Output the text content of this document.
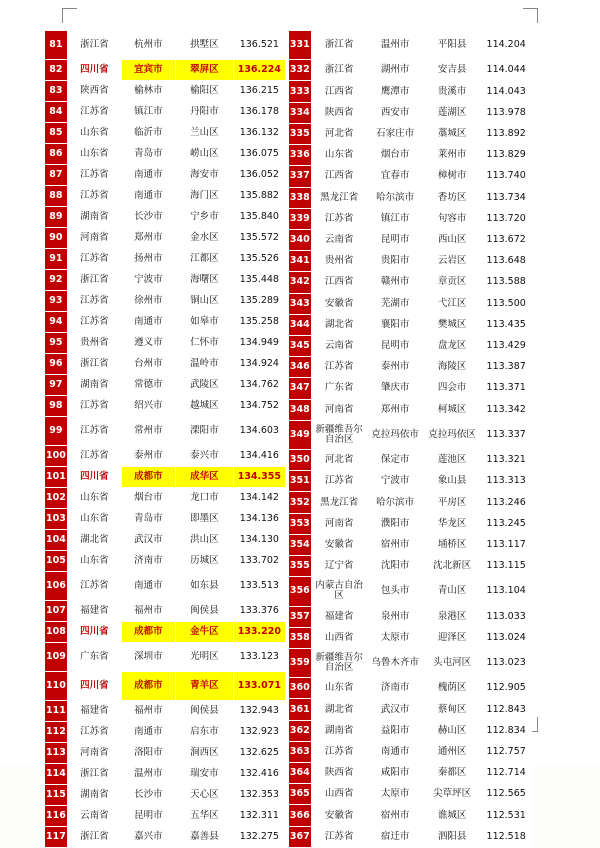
81	浙江省	杭州市	拱墅区	136.521
82	四川省	宜宾市	翠屏区	136.224
83	陕西省	榆林市	榆阳区	136.215
84	江苏省	镇江市	丹阳市	136.178
85	山东省	临沂市	兰山区	136.132
86	山东省	青岛市	崂山区	136.075
87	江苏省	南通市	海安市	136.052
88	江苏省	南通市	海门区	135.882
89	湖南省	长沙市	宁乡市	135.840
90	河南省	郑州市	金水区	135.572
91	江苏省	扬州市	江都区	135.526
92	浙江省	宁波市	海曙区	135.448
93	江苏省	徐州市	铜山区	135.289
94	江苏省	南通市	如皋市	135.258
95	贵州省	遵义市	仁怀市	134.949
96	浙江省	台州市	温岭市	134.924
97	湖南省	常德市	武陵区	134.762
98	江苏省	绍兴市	越城区	134.752
99	江苏省	常州市	溧阳市	134.603
100	江苏省	泰州市	泰兴市	134.416
101	四川省	成都市	成华区	134.355
102	山东省	烟台市	龙口市	134.142
103	山东省	青岛市	即墨区	134.136
104	湖北省	武汉市	洪山区	134.130
105	山东省	济南市	历城区	133.702
106	江苏省	南通市	如东县	133.513
107	福建省	福州市	闽侯县	133.376
108	四川省	成都市	金牛区	133.220
109	广东省	深圳市	光明区	133.123
110	四川省	成都市	青羊区	133.071
111	福建省	福州市	闽侯县	132.943
112	江苏省	南通市	启东市	132.923
113	河南省	洛阳市	涧西区	132.625
114	浙江省	温州市	瑞安市	132.416
115	湖南省	长沙市	天心区	132.353
116	云南省	昆明市	五华区	132.311
117	浙江省	嘉兴市	嘉善县	132.275
331	浙江省	温州市	平阳县	114.204
332	浙江省	湖州市	安吉县	114.044
333	江西省	鹰潭市	贵溪市	114.043
334	陕西省	西安市	莲湖区	113.978
335	河北省	石家庄市	藁城区	113.892
336	山东省	烟台市	莱州市	113.829
337	江西省	宜春市	樟树市	113.740
338	黑龙江省	哈尔滨市	香坊区	113.734
339	江苏省	镇江市	句容市	113.720
340	云南省	昆明市	西山区	113.672
341	贵州省	贵阳市	云岩区	113.648
342	江西省	赣州市	章贡区	113.588
343	安徽省	芜湖市	弋江区	113.500
344	湖北省	襄阳市	樊城区	113.435
345	云南省	昆明市	盘龙区	113.429
346	江苏省	泰州市	海陵区	113.387
347	广东省	肇庆市	四会市	113.371
348	河南省	郑州市	柯城区	113.342
349	新疆维吾尔自治区	克拉玛依市	克拉玛依区	113.337
350	河北省	保定市	莲池区	113.321
351	江苏省	宁波市	象山县	113.313
352	黑龙江省	哈尔滨市	平房区	113.246
353	河南省	濮阳市	华龙区	113.245
354	安徽省	宿州市	埇桥区	113.117
355	辽宁省	沈阳市	沈北新区	113.115
356	内蒙古自治区	包头市	青山区	113.104
357	福建省	泉州市	泉港区	113.033
358	山西省	太原市	迎泽区	113.024
359	新疆维吾尔自治区	乌鲁木齐市	头屯河区	113.023
360	山东省	济南市	槐荫区	112.905
361	湖北省	武汉市	蔡甸区	112.843
362	湖南省	益阳市	赫山区	112.834
363	江苏省	南通市	通州区	112.757
364	陕西省	咸阳市	秦都区	112.714
365	山西省	太原市	尖草坪区	112.565
366	安徽省	宿州市	谯城区	112.531
367	江苏省	宿迁市	泗阳县	112.518
